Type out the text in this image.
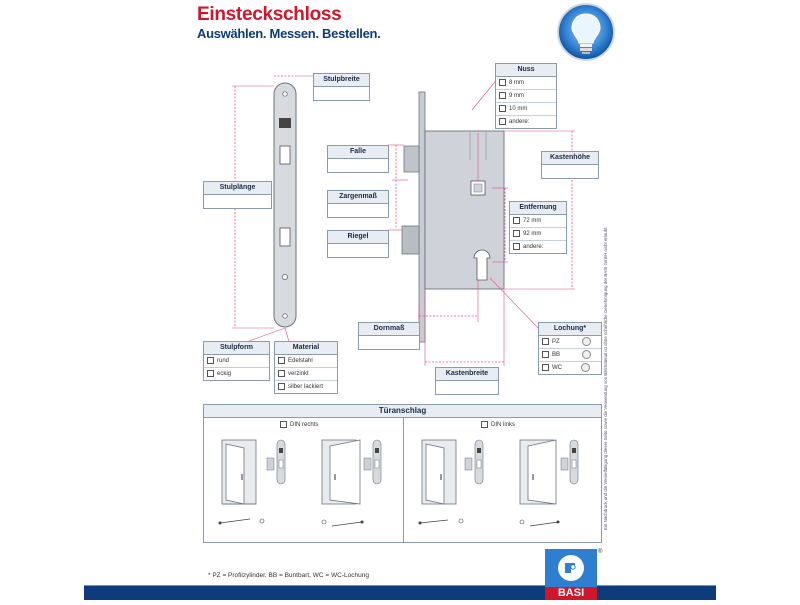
Einsteckschloss
Auswählen. Messen. Bestellen.
Stulpbreite
Stulplänge
Falle
Zargenmaß
Riegel
Nuss
8 mm
9 mm
10 mm
andere:
Kastenhöhe
Entfernung
72 mm
92 mm
andere:
Dornmaß	Lochung*
PZ
BB
WC
Stulpform
rund
eckig
Material
Edelstahl
verzinkt
silber lackiert
Kastenbreite
Türanschlag
DIN rechts	DIN links
* PZ = Profilzylinder, BB = Buntbart, WC = WC-Lochung
Ein Nachdruck und die Vervielfältigung dieser Seite sowie die Verwendung von Bildmaterial ist ohne schriftliche Genehmigung der BASI GmbH nicht erlaubt.
BASI
®
